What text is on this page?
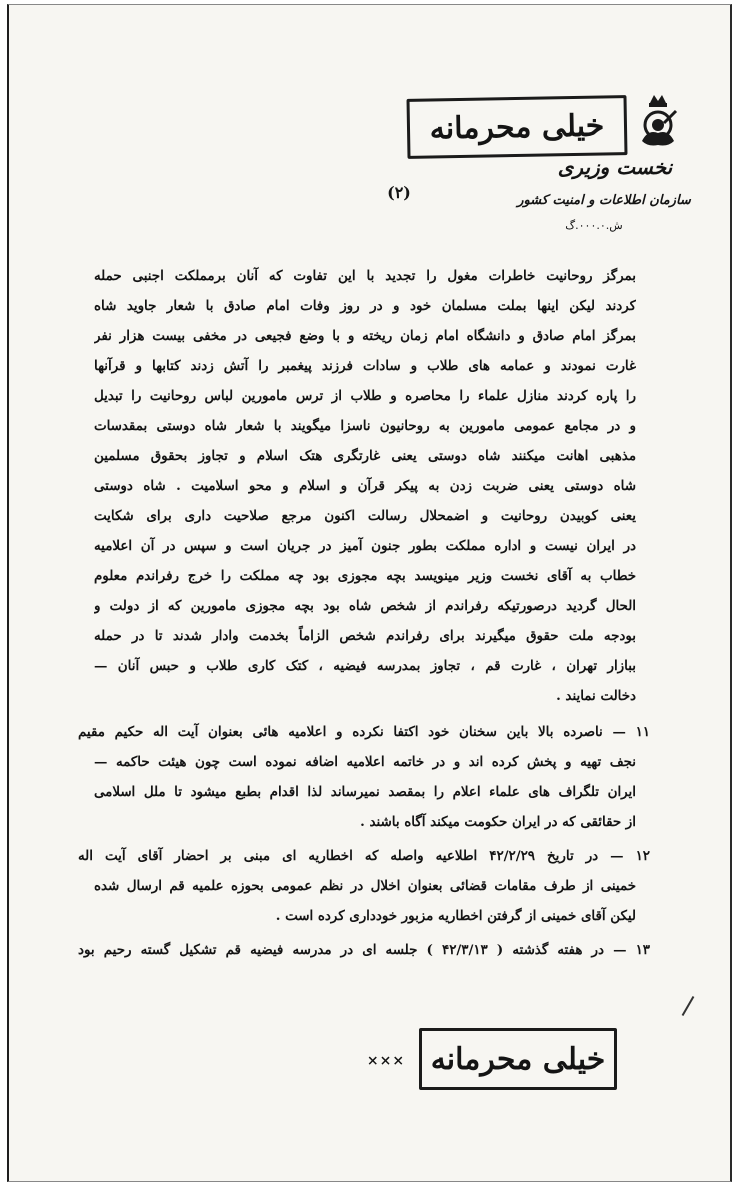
نخست وزیری
سازمان اطلاعات و امنیت کشور
ش.۰۰۰.۰.گ
خیلی محرمانه
(۲)
بمرگز روحانیت خاطرات مغول را تجدید با این تفاوت که آنان برمملکت اجنبی حمله
کردند لیکن اینها بملت مسلمان خود و در روز وفات امام صادق با شعار جاوید شاه
بمرگز امام صادق و دانشگاه امام زمان ریخته و با وضع فجیعی در مخفی بیست هزار نفر
غارت نمودند و عمامه های طلاب و سادات فرزند پیغمبر را آتش زدند کتابها و قرآنها
را پاره کردند منازل علماء را محاصره و طلاب از ترس مامورین لباس روحانیت را تبدیل
و در مجامع عمومی مامورین به روحانیون ناسزا میگویند با شعار شاه دوستی بمقدسات
مذهبی اهانت میکنند شاه دوستی یعنی غارتگری هتک اسلام و تجاوز بحقوق مسلمین
شاه دوستی یعنی ضربت زدن به پیکر قرآن و اسلام و محو اسلامیت . شاه دوستی
یعنی کوبیدن روحانیت و اضمحلال رسالت اکنون مرجع صلاحیت داری برای شکایت
در ایران نیست و اداره مملکت بطور جنون آمیز در جریان است و سپس در آن اعلامیه
خطاب به آقای نخست وزیر مینویسد بچه مجوزی بود چه مملکت را خرج رفراندم معلوم
الحال گردید درصورتیکه رفراندم از شخص شاه بود بچه مجوزی مامورین که از دولت و
بودجه ملت حقوق میگیرند برای رفراندم شخص الزاماً بخدمت وادار شدند تا در حمله
ببازار تهران ، غارت قم ، تجاوز بمدرسه فیضیه ، کتک کاری طلاب و حبس آنان —
دخالت نمایند .
۱۱ — ناصرده بالا باین سخنان خود اکتفا نکرده و اعلامیه هائی بعنوان آیت اله حکیم مقیم
نجف تهیه و پخش کرده اند و در خاتمه اعلامیه اضافه نموده است چون هیئت حاکمه —
ایران تلگراف های علماء اعلام را بمقصد نمیرساند لذا اقدام بطبع میشود تا ملل اسلامی
از حقائقی که در ایران حکومت میکند آگاه باشند .
۱۲ — در تاریخ ۴۲/۲/۲۹ اطلاعیه واصله که اخطاریه ای مبنی بر احضار آقای آیت اله
خمینی از طرف مقامات قضائی بعنوان اخلال در نظم عمومی بحوزه علمیه قم ارسال شده
لیکن آقای خمینی از گرفتن اخطاریه مزبور خودداری کرده است .
۱۳ — در هفته گذشته ( ۴۲/۳/۱۳ ) جلسه ای در مدرسه فیضیه قم تشکیل گسته رحیم بود
××× خیلی محرمانه
